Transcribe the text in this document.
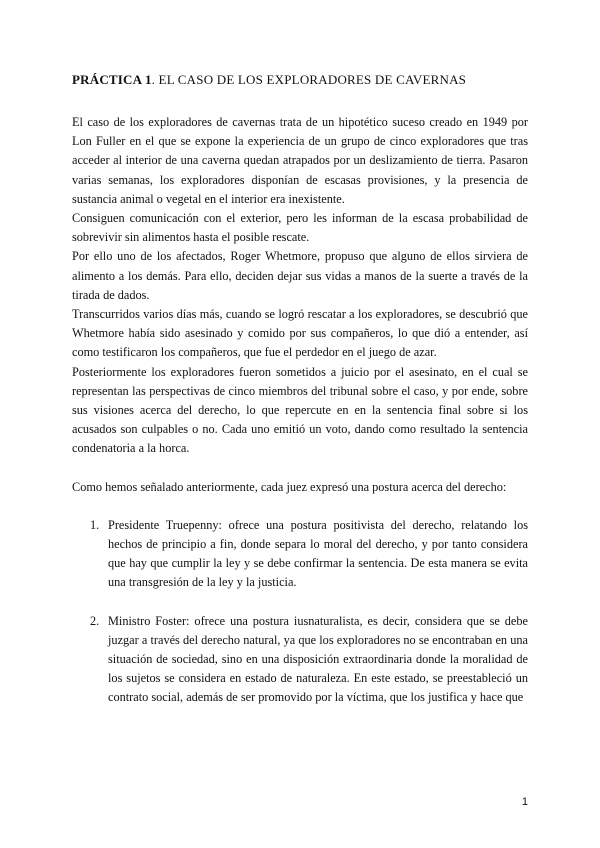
PRÁCTICA 1. EL CASO DE LOS EXPLORADORES DE CAVERNAS

El caso de los exploradores de cavernas trata de un hipotético suceso creado en 1949 por Lon Fuller en el que se expone la experiencia de un grupo de cinco exploradores que tras acceder al interior de una caverna quedan atrapados por un deslizamiento de tierra. Pasaron varias semanas, los exploradores disponían de escasas provisiones, y la presencia de sustancia animal o vegetal en el interior era inexistente.

Consiguen comunicación con el exterior, pero les informan de la escasa probabilidad de sobrevivir sin alimentos hasta el posible rescate.

Por ello uno de los afectados, Roger Whetmore, propuso que alguno de ellos sirviera de alimento a los demás. Para ello, deciden dejar sus vidas a manos de la suerte a través de la tirada de dados.

Transcurridos varios días más, cuando se logró rescatar a los exploradores, se descubrió que Whetmore había sido asesinado y comido por sus compañeros, lo que dió a entender, así como testificaron los compañeros, que fue el perdedor en el juego de azar.

Posteriormente los exploradores fueron sometidos a juicio por el asesinato, en el cual se representan las perspectivas de cinco miembros del tribunal sobre el caso, y por ende, sobre sus visiones acerca del derecho, lo que repercute en en la sentencia final sobre si los acusados son culpables o no. Cada uno emitió un voto, dando como resultado la sentencia condenatoria a la horca.

Como hemos señalado anteriormente, cada juez expresó una postura acerca del derecho:

1. Presidente Truepenny: ofrece una postura positivista del derecho, relatando los hechos de principio a fin, donde separa lo moral del derecho, y por tanto considera que hay que cumplir la ley y se debe confirmar la sentencia. De esta manera se evita una transgresión de la ley y la justicia.
2. Ministro Foster: ofrece una postura iusnaturalista, es decir, considera que se debe juzgar a través del derecho natural, ya que los exploradores no se encontraban en una situación de sociedad, sino en una disposición extraordinaria donde la moralidad de los sujetos se considera en estado de naturaleza. En este estado, se preestableció un contrato social, además de ser promovido por la víctima, que los justifica y hace que
1
